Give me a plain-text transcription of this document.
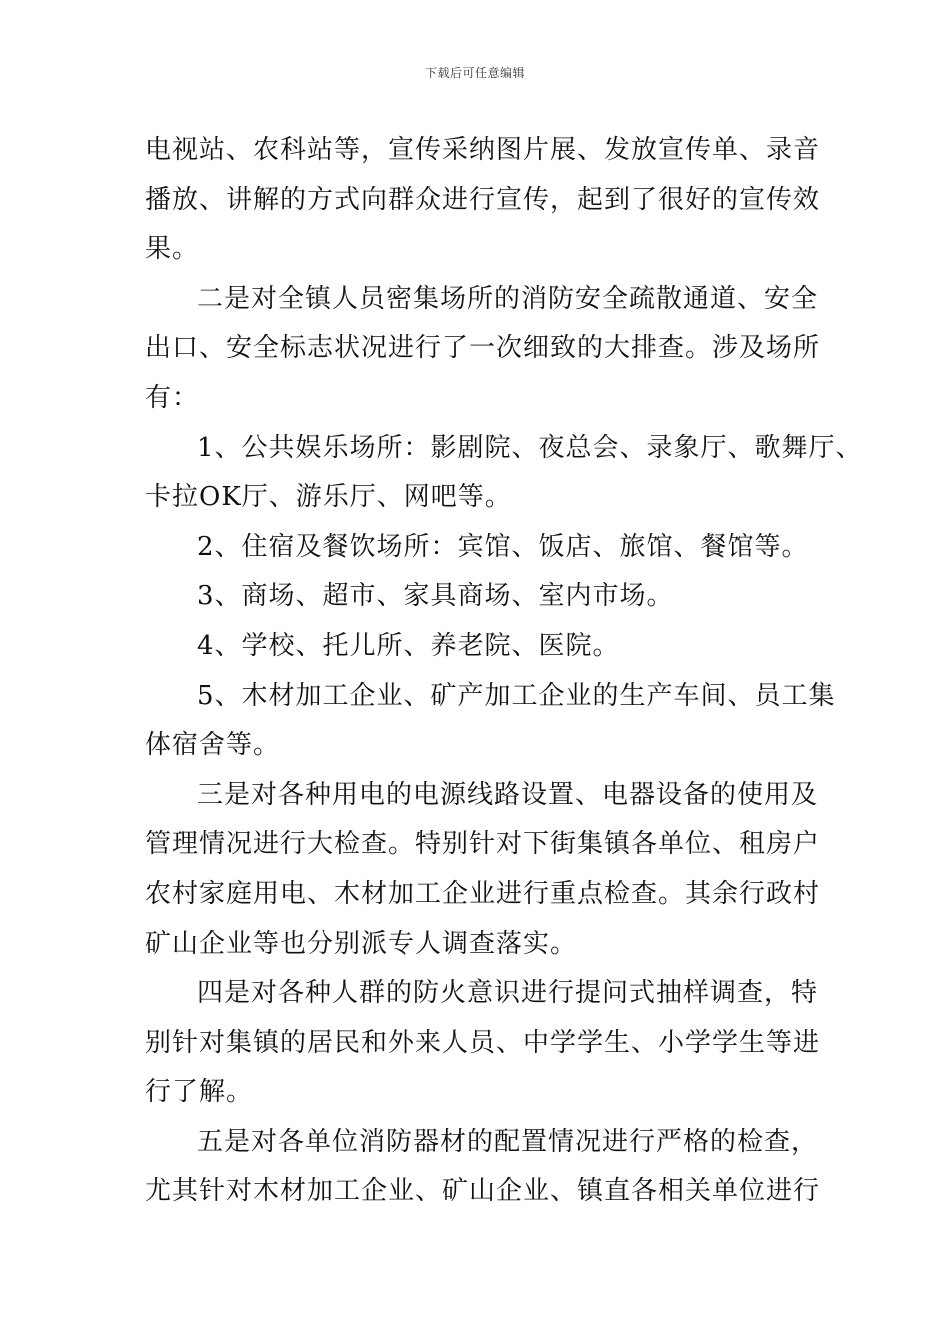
下载后可任意编辑
电视站、农科站等，宣传采纳图片展、发放宣传单、录音
播放、讲解的方式向群众进行宣传，起到了很好的宣传效
果。
二是对全镇人员密集场所的消防安全疏散通道、安全
出口、安全标志状况进行了一次细致的大排查。涉及场所
有：
1、公共娱乐场所：影剧院、夜总会、录象厅、歌舞厅、
卡拉OK厅、游乐厅、网吧等。
2、住宿及餐饮场所：宾馆、饭店、旅馆、餐馆等。
3、商场、超市、家具商场、室内市场。
4、学校、托儿所、养老院、医院。
5、木材加工企业、矿产加工企业的生产车间、员工集
体宿舍等。
三是对各种用电的电源线路设置、电器设备的使用及
管理情况进行大检查。特别针对下街集镇各单位、租房户
农村家庭用电、木材加工企业进行重点检查。其余行政村
矿山企业等也分别派专人调查落实。
四是对各种人群的防火意识进行提问式抽样调查，特
别针对集镇的居民和外来人员、中学学生、小学学生等进
行了解。
五是对各单位消防器材的配置情况进行严格的检查，
尤其针对木材加工企业、矿山企业、镇直各相关单位进行
